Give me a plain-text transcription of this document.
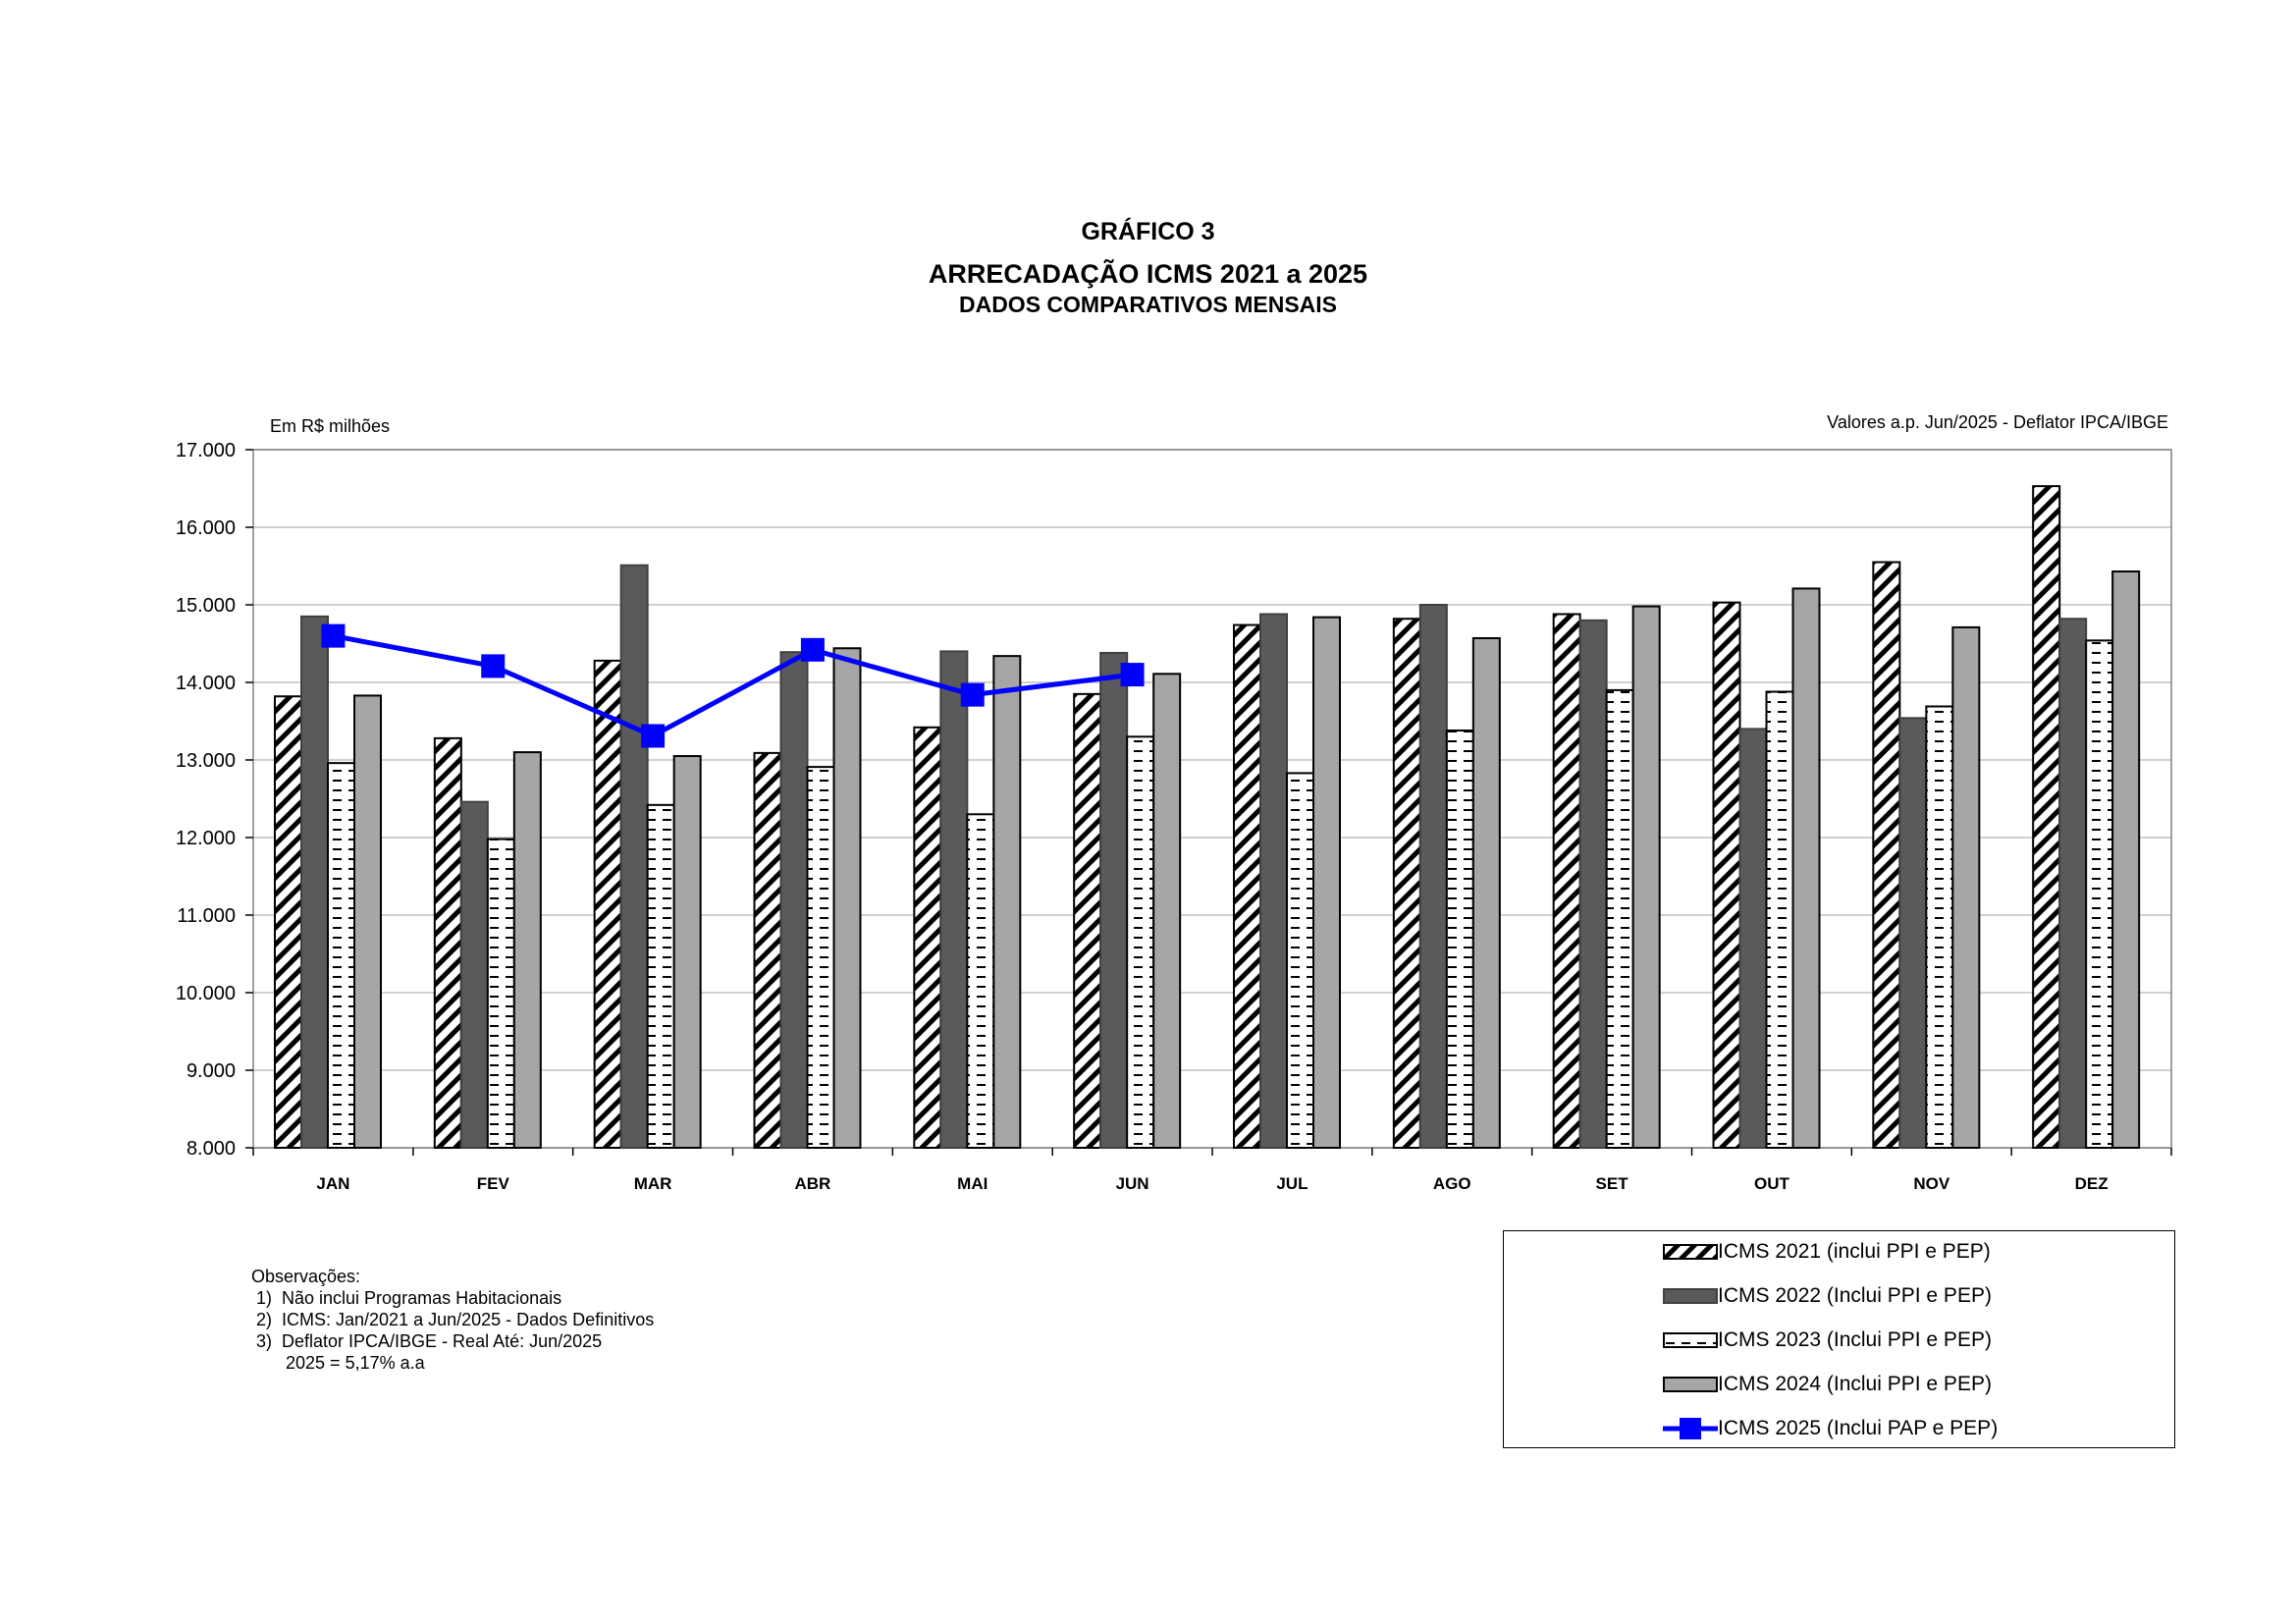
GRÁFICO 3
ARRECADAÇÃO ICMS 2021 a 2025
DADOS COMPARATIVOS MENSAIS
Em R$ milhões	Valores a.p. Jun/2025 - Deflator IPCA/IBGE
8.000
9.000
10.000
11.000
12.000
13.000
14.000
15.000
16.000
17.000
JAN	FEV	MAR	ABR	MAI	JUN	JUL	AGO	SET	OUT	NOV	DEZ
Observações:
1)  Não inclui Programas Habitacionais
2)  ICMS: Jan/2021 a Jun/2025 - Dados Definitivos
3)  Deflator IPCA/IBGE - Real Até: Jun/2025
2025 = 5,17% a.a
ICMS 2021 (inclui PPI e PEP)
ICMS 2022 (Inclui PPI e PEP)
ICMS 2023 (Inclui PPI e PEP)
ICMS 2024 (Inclui PPI e PEP)
ICMS 2025 (Inclui PAP e PEP)
